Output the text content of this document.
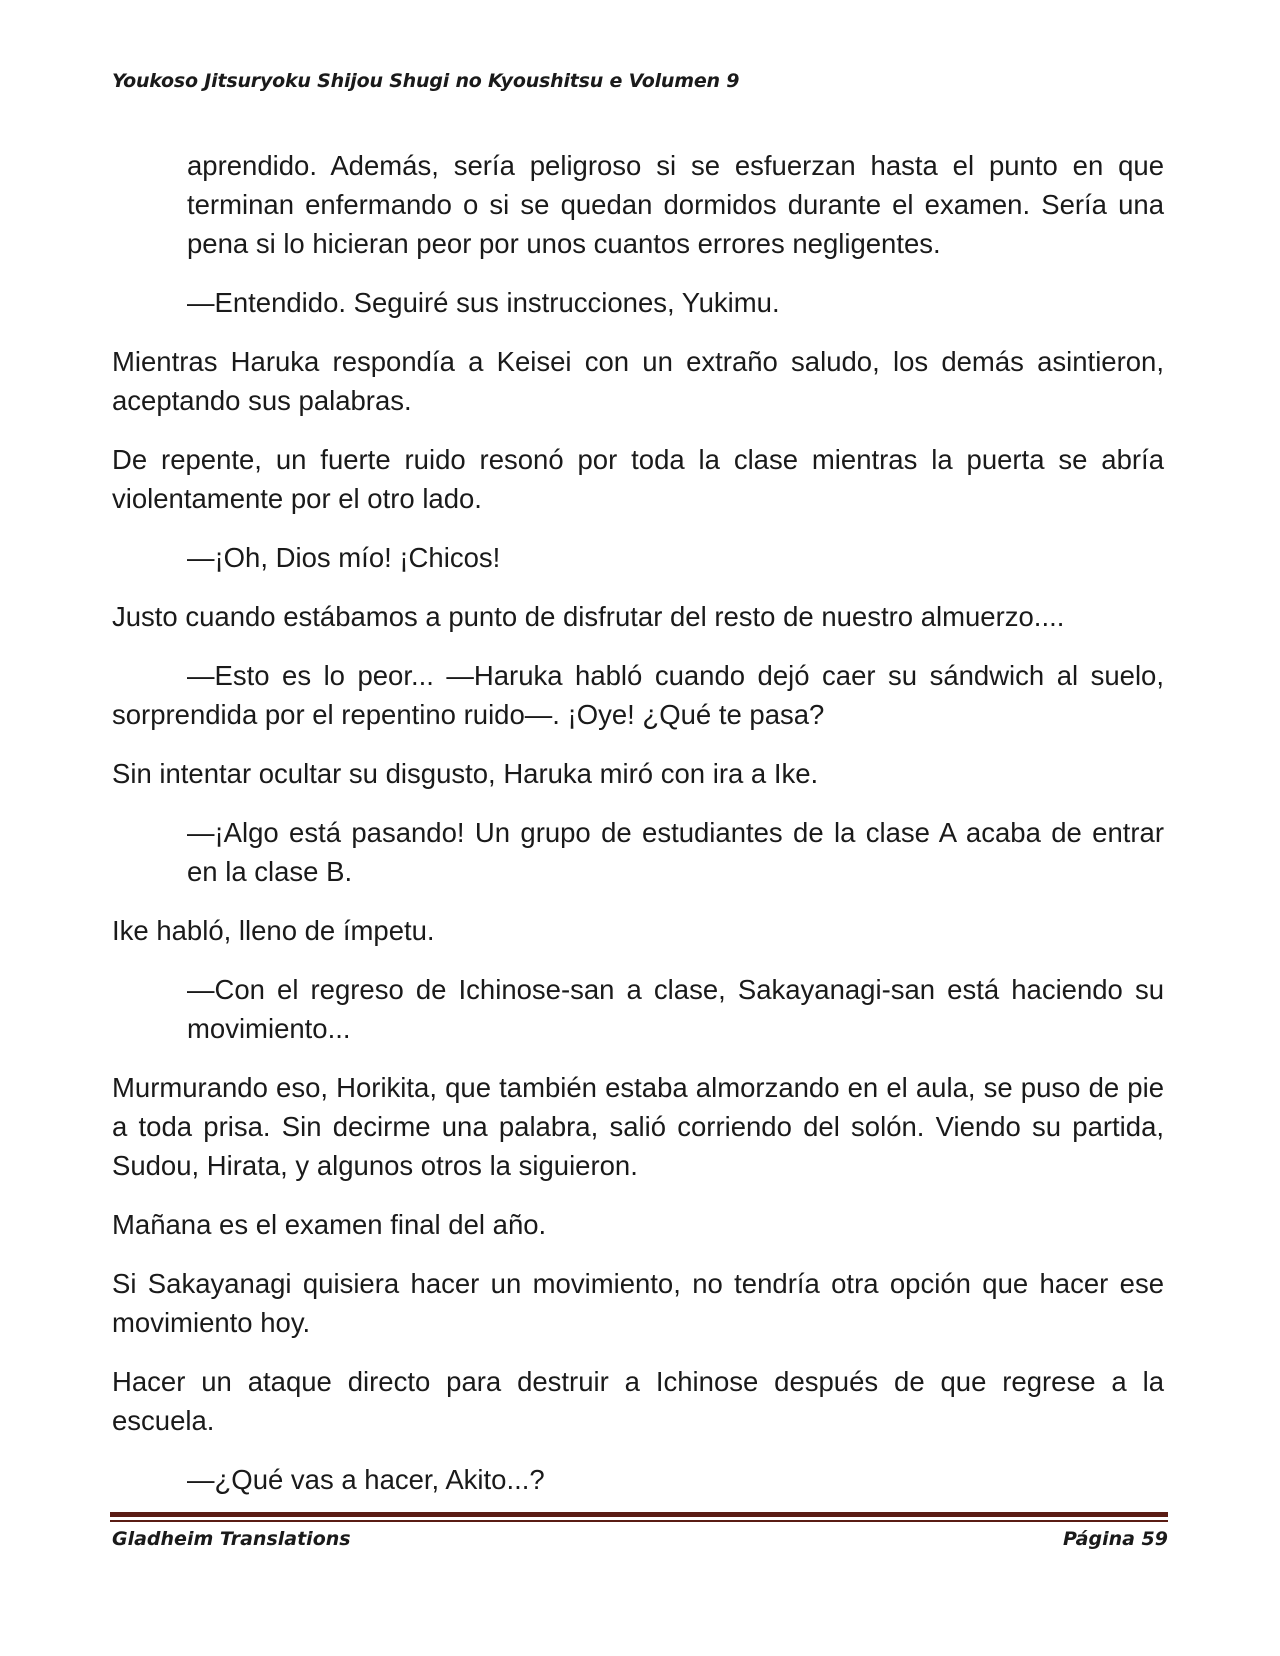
Youkoso Jitsuryoku Shijou Shugi no Kyoushitsu e Volumen 9

aprendido. Además, sería peligroso si se esfuerzan hasta el punto en que terminan enfermando o si se quedan dormidos durante el examen. Sería una pena si lo hicieran peor por unos cuantos errores negligentes.

—Entendido. Seguiré sus instrucciones, Yukimu.

Mientras Haruka respondía a Keisei con un extraño saludo, los demás asintieron, aceptando sus palabras.

De repente, un fuerte ruido resonó por toda la clase mientras la puerta se abría violentamente por el otro lado.

—¡Oh, Dios mío! ¡Chicos!

Justo cuando estábamos a punto de disfrutar del resto de nuestro almuerzo....

—Esto es lo peor... —Haruka habló cuando dejó caer su sándwich al suelo, sorprendida por el repentino ruido—. ¡Oye! ¿Qué te pasa?

Sin intentar ocultar su disgusto, Haruka miró con ira a Ike.

—¡Algo está pasando! Un grupo de estudiantes de la clase A acaba de entrar en la clase B.

Ike habló, lleno de ímpetu.

—Con el regreso de Ichinose-san a clase, Sakayanagi-san está haciendo su movimiento...

Murmurando eso, Horikita, que también estaba almorzando en el aula, se puso de pie a toda prisa. Sin decirme una palabra, salió corriendo del solón. Viendo su partida, Sudou, Hirata, y algunos otros la siguieron.

Mañana es el examen final del año.

Si Sakayanagi quisiera hacer un movimiento, no tendría otra opción que hacer ese movimiento hoy.

Hacer un ataque directo para destruir a Ichinose después de que regrese a la escuela.

—¿Qué vas a hacer, Akito...?

Gladheim Translations	Página 59
